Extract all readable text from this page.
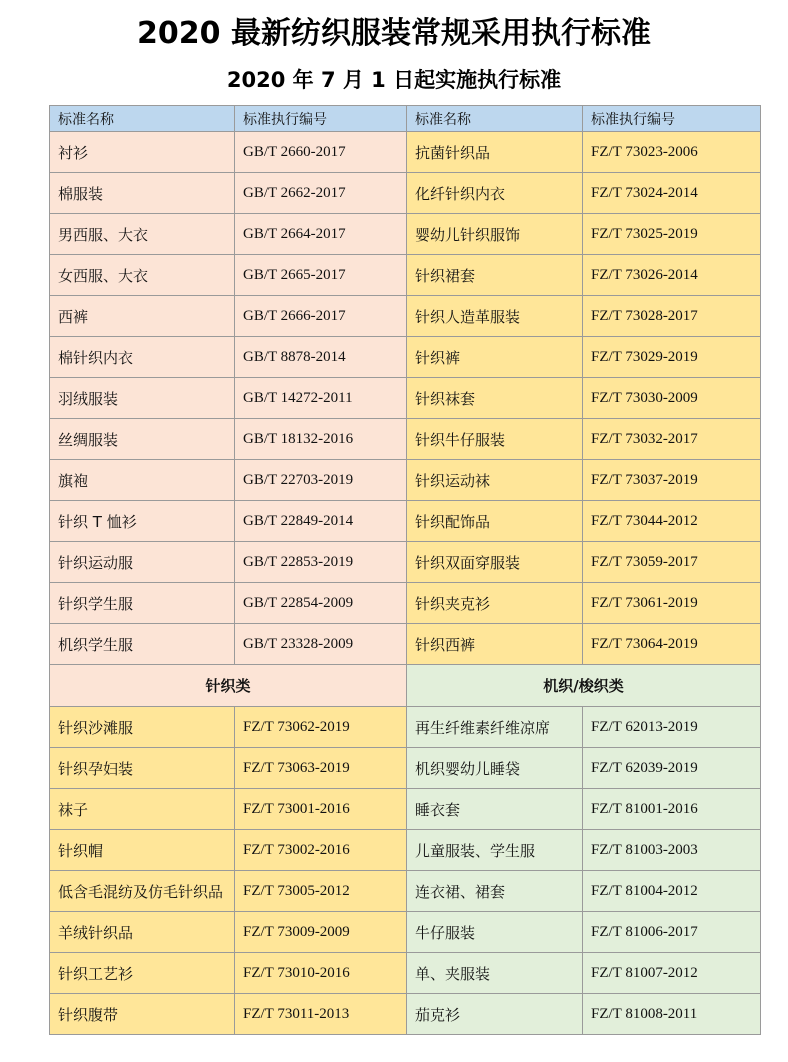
2020 最新纺织服装常规采用执行标准
2020 年 7 月 1 日起实施执行标准
标准名称	标准执行编号	标准名称	标准执行编号
衬衫	GB/T 2660-2017	抗菌针织品	FZ/T 73023-2006
棉服装	GB/T 2662-2017	化纤针织内衣	FZ/T 73024-2014
男西服、大衣	GB/T 2664-2017	婴幼儿针织服饰	FZ/T 73025-2019
女西服、大衣	GB/T 2665-2017	针织裙套	FZ/T 73026-2014
西裤	GB/T 2666-2017	针织人造革服装	FZ/T 73028-2017
棉针织内衣	GB/T 8878-2014	针织裤	FZ/T 73029-2019
羽绒服装	GB/T 14272-2011	针织袜套	FZ/T 73030-2009
丝绸服装	GB/T 18132-2016	针织牛仔服装	FZ/T 73032-2017
旗袍	GB/T 22703-2019	针织运动袜	FZ/T 73037-2019
针织 T 恤衫	GB/T 22849-2014	针织配饰品	FZ/T 73044-2012
针织运动服	GB/T 22853-2019	针织双面穿服装	FZ/T 73059-2017
针织学生服	GB/T 22854-2009	针织夹克衫	FZ/T 73061-2019
机织学生服	GB/T 23328-2009	针织西裤	FZ/T 73064-2019
针织类		机织/梭织类	
针织沙滩服	FZ/T 73062-2019	再生纤维素纤维凉席	FZ/T 62013-2019
针织孕妇装	FZ/T 73063-2019	机织婴幼儿睡袋	FZ/T 62039-2019
袜子	FZ/T 73001-2016	睡衣套	FZ/T 81001-2016
针织帽	FZ/T 73002-2016	儿童服装、学生服	FZ/T 81003-2003
低含毛混纺及仿毛针织品	FZ/T 73005-2012	连衣裙、裙套	FZ/T 81004-2012
羊绒针织品	FZ/T 73009-2009	牛仔服装	FZ/T 81006-2017
针织工艺衫	FZ/T 73010-2016	单、夹服装	FZ/T 81007-2012
针织腹带	FZ/T 73011-2013	茄克衫	FZ/T 81008-2011
